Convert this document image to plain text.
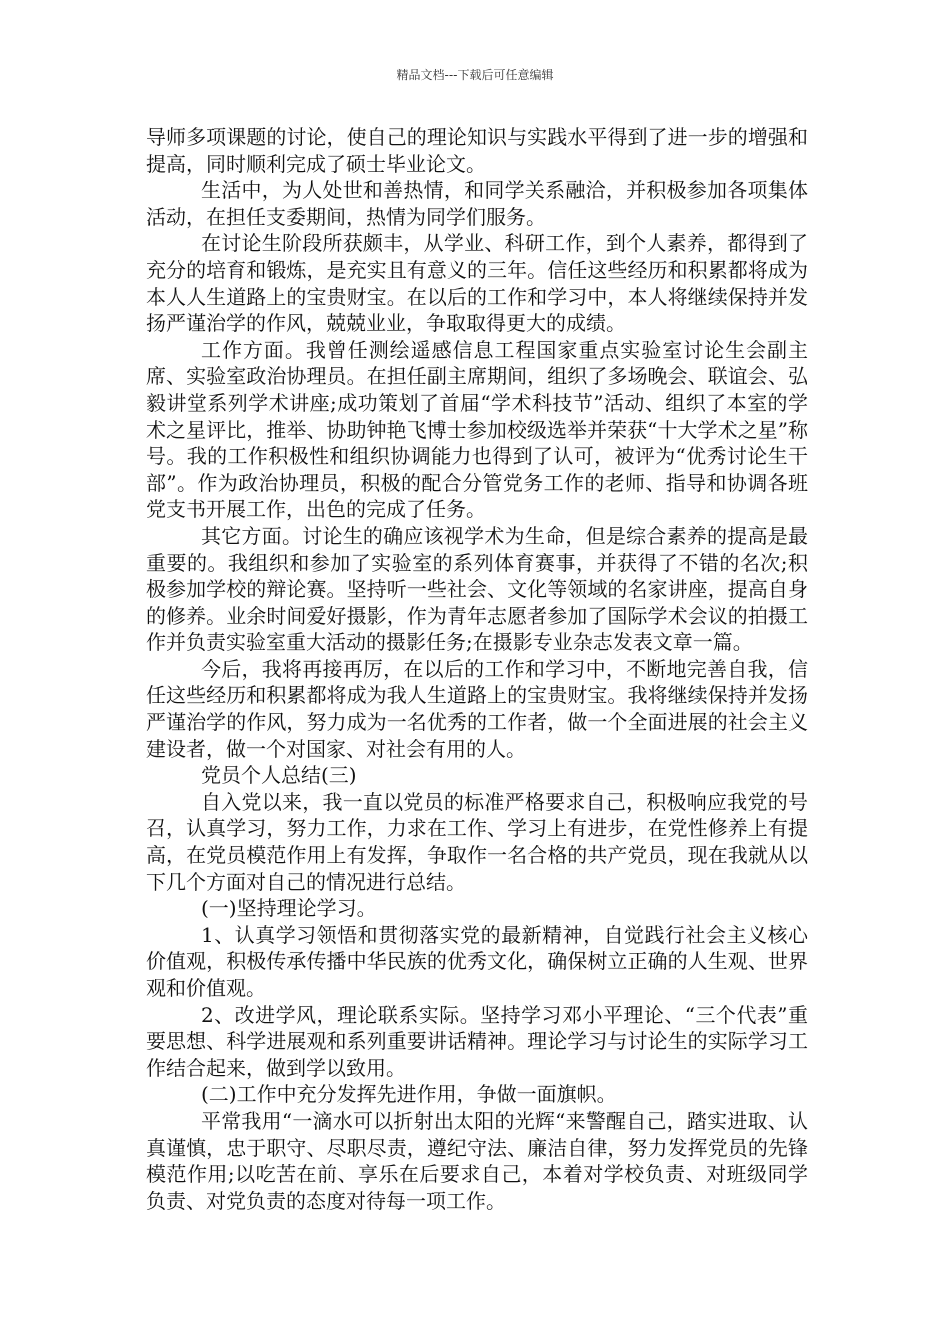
精品文档---下载后可任意编辑

导师多项课题的讨论，使自己的理论知识与实践水平得到了进一步的增强和提高，同时顺利完成了硕士毕业论文。

生活中，为人处世和善热情，和同学关系融洽，并积极参加各项集体活动，在担任支委期间，热情为同学们服务。

在讨论生阶段所获颇丰，从学业、科研工作，到个人素养，都得到了充分的培育和锻炼，是充实且有意义的三年。信任这些经历和积累都将成为本人人生道路上的宝贵财宝。在以后的工作和学习中，本人将继续保持并发扬严谨治学的作风，兢兢业业，争取取得更大的成绩。

工作方面。我曾任测绘遥感信息工程国家重点实验室讨论生会副主席、实验室政治协理员。在担任副主席期间，组织了多场晚会、联谊会、弘毅讲堂系列学术讲座;成功策划了首届“学术科技节”活动、组织了本室的学术之星评比，推举、协助钟艳飞博士参加校级选举并荣获“十大学术之星”称号。我的工作积极性和组织协调能力也得到了认可，被评为“优秀讨论生干部”。作为政治协理员，积极的配合分管党务工作的老师、指导和协调各班党支书开展工作，出色的完成了任务。

其它方面。讨论生的确应该视学术为生命，但是综合素养的提高是最重要的。我组织和参加了实验室的系列体育赛事，并获得了不错的名次;积极参加学校的辩论赛。坚持听一些社会、文化等领域的名家讲座，提高自身的修养。业余时间爱好摄影，作为青年志愿者参加了国际学术会议的拍摄工作并负责实验室重大活动的摄影任务;在摄影专业杂志发表文章一篇。

今后，我将再接再厉，在以后的工作和学习中，不断地完善自我，信任这些经历和积累都将成为我人生道路上的宝贵财宝。我将继续保持并发扬严谨治学的作风，努力成为一名优秀的工作者，做一个全面进展的社会主义建设者，做一个对国家、对社会有用的人。

党员个人总结(三)

自入党以来，我一直以党员的标准严格要求自己，积极响应我党的号召，认真学习，努力工作，力求在工作、学习上有进步，在党性修养上有提高，在党员模范作用上有发挥，争取作一名合格的共产党员，现在我就从以下几个方面对自己的情况进行总结。

(一)坚持理论学习。

1、认真学习领悟和贯彻落实党的最新精神，自觉践行社会主义核心价值观，积极传承传播中华民族的优秀文化，确保树立正确的人生观、世界观和价值观。

2、改进学风，理论联系实际。坚持学习邓小平理论、“三个代表”重要思想、科学进展观和系列重要讲话精神。理论学习与讨论生的实际学习工作结合起来，做到学以致用。

(二)工作中充分发挥先进作用，争做一面旗帜。

平常我用“一滴水可以折射出太阳的光辉“来警醒自己，踏实进取、认真谨慎，忠于职守、尽职尽责，遵纪守法、廉洁自律，努力发挥党员的先锋模范作用;以吃苦在前、享乐在后要求自己，本着对学校负责、对班级同学负责、对党负责的态度对待每一项工作。
